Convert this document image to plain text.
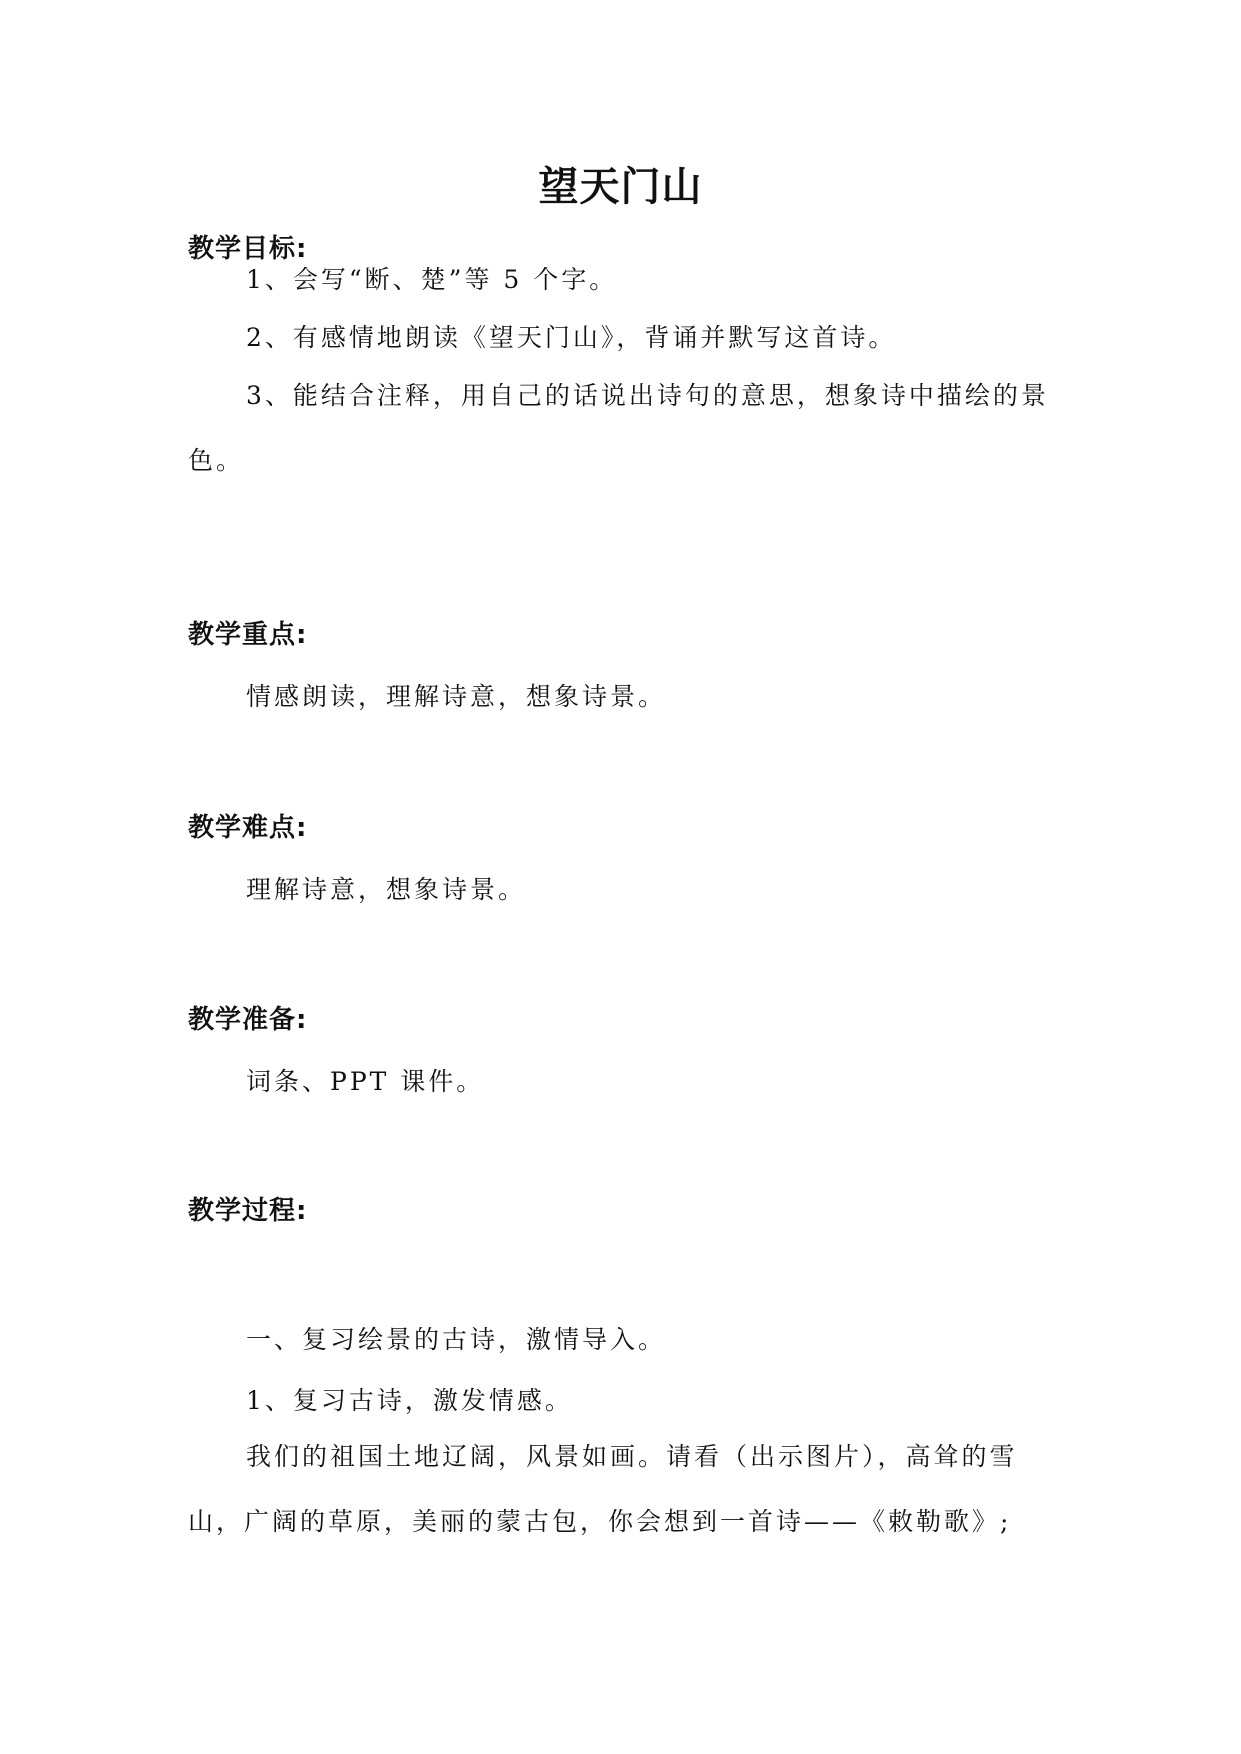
望天门山
教学目标:
1、会写“断、楚”等 5 个字。
2、有感情地朗读《望天门山》，背诵并默写这首诗。
3、能结合注释，用自己的话说出诗句的意思，想象诗中描绘的景色。
教学重点:
情感朗读，理解诗意，想象诗景。
教学难点:
理解诗意，想象诗景。
教学准备:
词条、PPT 课件。
教学过程:
一、复习绘景的古诗，激情导入。
1、复习古诗，激发情感。
我们的祖国土地辽阔，风景如画。请看（出示图片），高耸的雪山，广阔的草原，美丽的蒙古包，你会想到一首诗——《敕勒歌》;
